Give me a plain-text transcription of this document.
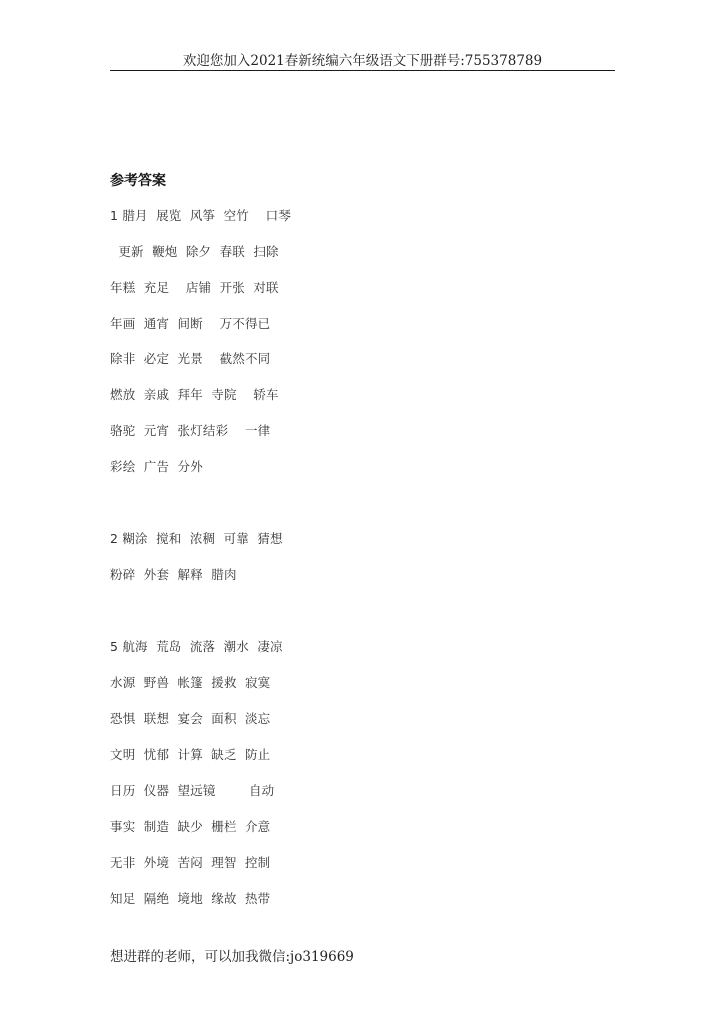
欢迎您加入2021春新统编六年级语文下册群号:755378789
参考答案
1 腊月  展览  风筝  空竹    口琴
更新  鞭炮  除夕  春联  扫除
年糕  充足    店铺  开张  对联
年画  通宵  间断    万不得已
除非  必定  光景    截然不同
燃放  亲戚  拜年  寺院    轿车
骆驼  元宵  张灯结彩    一律
彩绘  广告  分外
2 糊涂  搅和  浓稠  可靠  猜想
粉碎  外套  解释  腊肉
5 航海  荒岛  流落  潮水  凄凉
水源  野兽  帐篷  援救  寂寞
恐惧  联想  宴会  面积  淡忘
文明  忧郁  计算  缺乏  防止
日历  仪器  望远镜        自动
事实  制造  缺少  栅栏  介意
无非  外境  苦闷  理智  控制
知足  隔绝  境地  缘故  热带
想进群的老师，可以加我微信:jo319669
